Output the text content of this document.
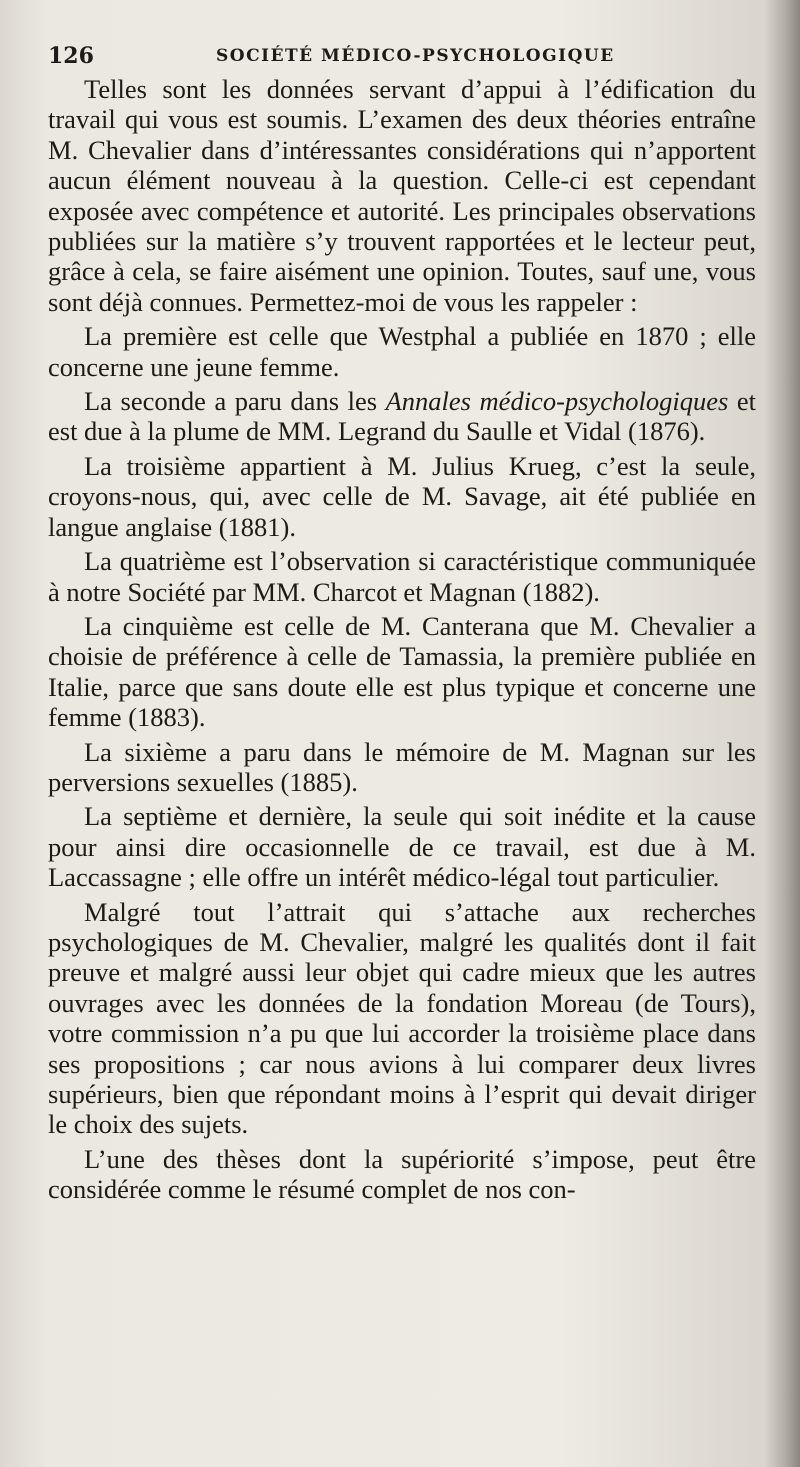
126	SOCIÉTÉ MÉDICO-PSYCHOLOGIQUE

Telles sont les données servant d’appui à l’édification du travail qui vous est soumis. L’examen des deux théories entraîne M. Chevalier dans d’intéressantes considérations qui n’apportent aucun élément nouveau à la question. Celle-ci est cependant exposée avec compétence et autorité. Les principales observations publiées sur la matière s’y trouvent rapportées et le lecteur peut, grâce à cela, se faire aisément une opinion. Toutes, sauf une, vous sont déjà connues. Permettez-moi de vous les rappeler :

La première est celle que Westphal a publiée en 1870 ; elle concerne une jeune femme.

La seconde a paru dans les Annales médico-psychologiques et est due à la plume de MM. Legrand du Saulle et Vidal (1876).

La troisième appartient à M. Julius Krueg, c’est la seule, croyons-nous, qui, avec celle de M. Savage, ait été publiée en langue anglaise (1881).

La quatrième est l’observation si caractéristique communiquée à notre Société par MM. Charcot et Magnan (1882).

La cinquième est celle de M. Canterana que M. Chevalier a choisie de préférence à celle de Tamassia, la première publiée en Italie, parce que sans doute elle est plus typique et concerne une femme (1883).

La sixième a paru dans le mémoire de M. Magnan sur les perversions sexuelles (1885).

La septième et dernière, la seule qui soit inédite et la cause pour ainsi dire occasionnelle de ce travail, est due à M. Laccassagne ; elle offre un intérêt médico-légal tout particulier.

Malgré tout l’attrait qui s’attache aux recherches psychologiques de M. Chevalier, malgré les qualités dont il fait preuve et malgré aussi leur objet qui cadre mieux que les autres ouvrages avec les données de la fondation Moreau (de Tours), votre commission n’a pu que lui accorder la troisième place dans ses propositions ; car nous avions à lui comparer deux livres supérieurs, bien que répondant moins à l’esprit qui devait diriger le choix des sujets.

L’une des thèses dont la supériorité s’impose, peut être considérée comme le résumé complet de nos con-
